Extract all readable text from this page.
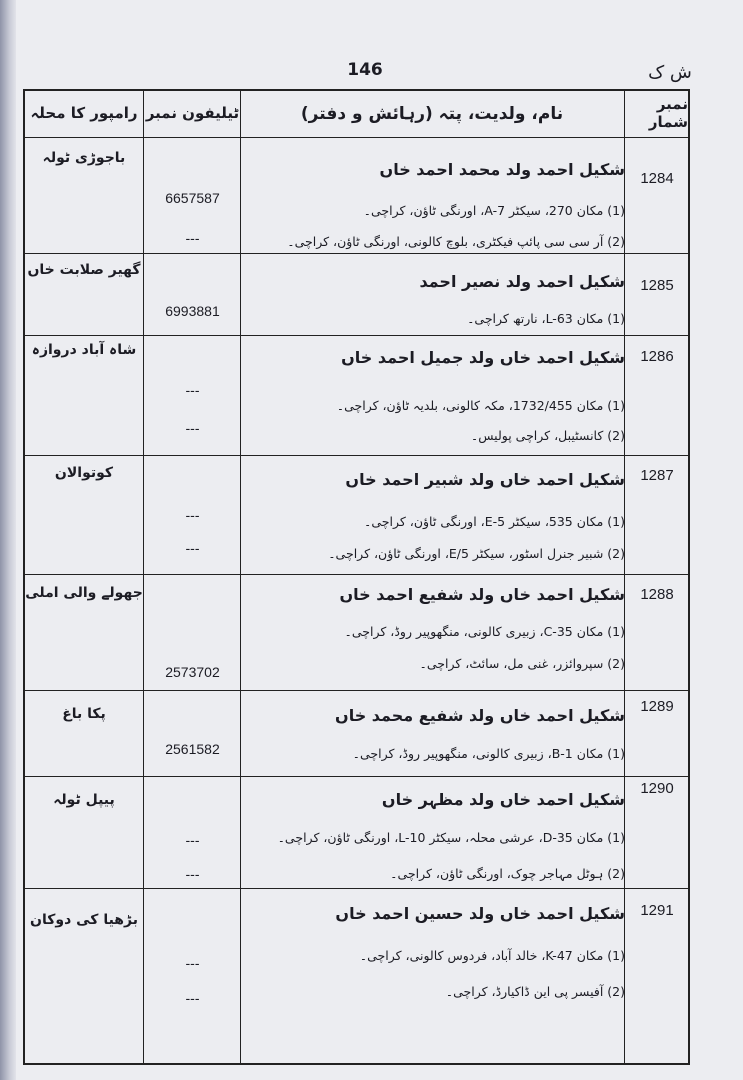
146	ش ک
نمبر شمار
نام، ولدیت، پتہ (رہائش و دفتر)
ٹیلیفون نمبر
رامپور کا محلہ
1284
شکیل احمد ولد محمد احمد خاں
(1) مکان 270، سیکٹر A-7، اورنگی ٹاؤن، کراچی۔
(2) آر سی سی پائپ فیکٹری، بلوچ کالونی، اورنگی ٹاؤن، کراچی۔
6657587
---
باجوڑی ٹولہ
1285
شکیل احمد ولد نصیر احمد
(1) مکان L-63، نارتھ کراچی۔
6993881
گھیر صلابت خاں
1286
شکیل احمد خاں ولد جمیل احمد خاں
(1) مکان 1732/455، مکہ کالونی، بلدیہ ٹاؤن، کراچی۔
(2) کانسٹیبل، کراچی پولیس۔
---
---
شاہ آباد دروازہ
1287
شکیل احمد خاں ولد شبیر احمد خاں
(1) مکان 535، سیکٹر E-5، اورنگی ٹاؤن، کراچی۔
(2) شبیر جنرل اسٹور، سیکٹر 5/E، اورنگی ٹاؤن، کراچی۔
---
---
کوتوالان
1288
شکیل احمد خاں ولد شفیع احمد خاں
(1) مکان C-35، زبیری کالونی، منگھوپیر روڈ، کراچی۔
(2) سپروائزر، غنی مل، سائٹ، کراچی۔
2573702
جھولے والی املی
1289
شکیل احمد خاں ولد شفیع محمد خاں
(1) مکان B-1، زبیری کالونی، منگھوپیر روڈ، کراچی۔
2561582
پکا باغ
1290
شکیل احمد خاں ولد مظہر خاں
(1) مکان D-35، عرشی محلہ، سیکٹر L-10، اورنگی ٹاؤن، کراچی۔
(2) ہوٹل مہاجر چوک، اورنگی ٹاؤن، کراچی۔
---
---
پیپل ٹولہ
1291
شکیل احمد خاں ولد حسین احمد خاں
(1) مکان K-47، خالد آباد، فردوس کالونی، کراچی۔
(2) آفیسر پی این ڈاکیارڈ، کراچی۔
---
---
بڑھیا کی دوکان
